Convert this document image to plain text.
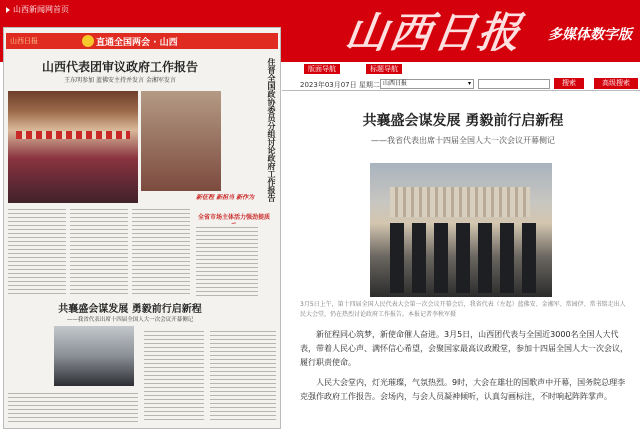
山西新闻网首页	山西日报 多媒体数字版
版面导航	标题导航
2023年03月07日 星期二 山西日报	▾	搜索	高级搜索
山西日报	直通全国两会 · 山西
山西代表团审议政府工作报告
王东明参加 蓝佛安主持并发言 金湘军发言	住晋全国政协委员分组讨论政府工作报告
新征程 新担当 新作为
全省市场主体活力强劲提质
共襄盛会谋发展 勇毅前行启新程
——我省代表出席十四届全国人大一次会议开幕侧记
共襄盛会谋发展 勇毅前行启新程
——我省代表出席十四届全国人大一次会议开幕侧记
3月5日上午，第十四届全国人民代表大会第一次会议开幕会后，我省代表（左起）蓝佛安、金湘军、常园伊、常书铭走出人民大会堂，仍在热烈讨论政府工作报告。本报记者李秋军摄
新征程同心筑梦，新使命催人奋进。3月5日，山西团代表与全国近3000名全国人大代表，带着人民心声、满怀信心希望，会聚国家最高议政殿堂，参加十四届全国人大一次会议，履行职责使命。
人民大会堂内，灯光璀璨，气氛热烈。9时，大会在雄壮的国歌声中开幕，国务院总理李克强作政府工作报告。会场内，与会人员凝神倾听，认真勾画标注，不时响起阵阵掌声。
